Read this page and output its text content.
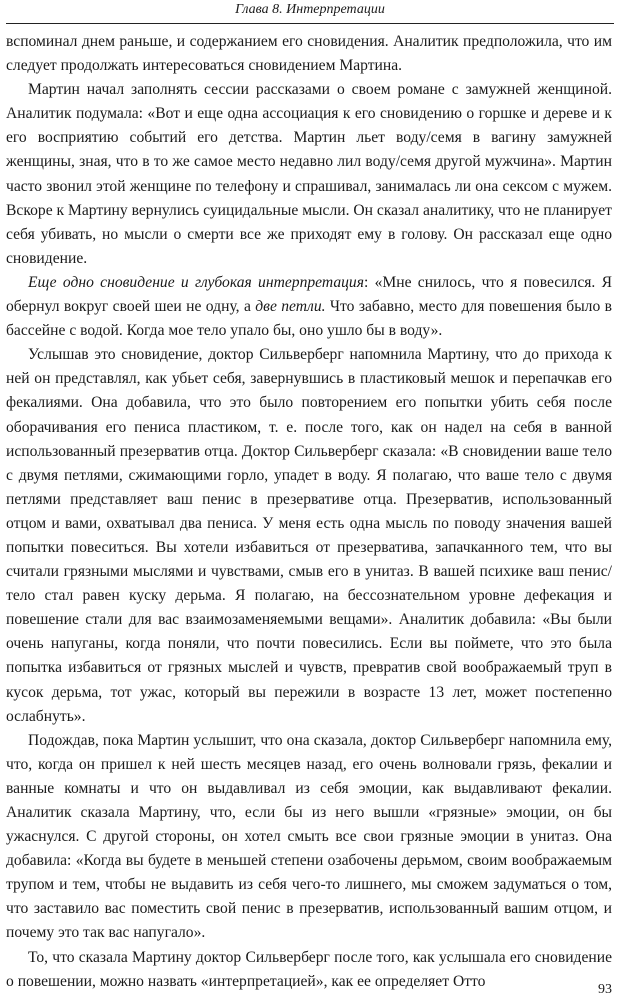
Глава 8. Интерпретации

вспоминал днем раньше, и содержанием его сновидения. Аналитик предположила, что им следует продолжать интересоваться сновидением Мартина.

Мартин начал заполнять сессии рассказами о своем романе с замужней женщиной. Аналитик подумала: «Вот и еще одна ассоциация к его сновидению о горшке и дереве и к его восприятию событий его детства. Мартин льет воду/семя в вагину замужней женщины, зная, что в то же самое место недавно лил воду/семя другой мужчина». Мартин часто звонил этой женщине по телефону и спрашивал, занималась ли она сексом с мужем. Вскоре к Мартину вернулись суицидальные мысли. Он сказал аналитику, что не планирует себя убивать, но мысли о смерти все же приходят ему в голову. Он рассказал еще одно сновидение.

Еще одно сновидение и глубокая интерпретация: «Мне снилось, что я повесился. Я обернул вокруг своей шеи не одну, а две петли. Что забавно, место для повешения было в бассейне с водой. Когда мое тело упало бы, оно ушло бы в воду».

Услышав это сновидение, доктор Сильверберг напомнила Мартину, что до прихода к ней он представлял, как убьет себя, завернувшись в пластиковый мешок и перепачкав его фекалиями. Она добавила, что это было повторением его попытки убить себя после оборачивания его пениса пластиком, т. е. после того, как он надел на себя в ванной использованный презерватив отца. Доктор Сильверберг сказала: «В сновидении ваше тело с двумя петлями, сжимающими горло, упадет в воду. Я полагаю, что ваше тело с двумя петлями представляет ваш пенис в презервативе отца. Презерватив, использованный отцом и вами, охватывал два пениса. У меня есть одна мысль по поводу значения вашей попытки повеситься. Вы хотели избавиться от презерватива, запачканного тем, что вы считали грязными мыслями и чувствами, смыв его в унитаз. В вашей психике ваш пенис/тело стал равен куску дерьма. Я полагаю, на бессознательном уровне дефекация и повешение стали для вас взаимозаменяемыми вещами». Аналитик добавила: «Вы были очень напуганы, когда поняли, что почти повесились. Если вы поймете, что это была попытка избавиться от грязных мыслей и чувств, превратив свой воображаемый труп в кусок дерьма, тот ужас, который вы пережили в возрасте 13 лет, может постепенно ослабнуть».

Подождав, пока Мартин услышит, что она сказала, доктор Сильверберг напомнила ему, что, когда он пришел к ней шесть месяцев назад, его очень волновали грязь, фекалии и ванные комнаты и что он выдавливал из себя эмоции, как выдавливают фекалии. Аналитик сказала Мартину, что, если бы из него вышли «грязные» эмоции, он бы ужаснулся. С другой стороны, он хотел смыть все свои грязные эмоции в унитаз. Она добавила: «Когда вы будете в меньшей степени озабочены дерьмом, своим воображаемым трупом и тем, чтобы не выдавить из себя чего-то лишнего, мы сможем задуматься о том, что заставило вас поместить свой пенис в презерватив, использованный вашим отцом, и почему это так вас напугало».

То, что сказала Мартину доктор Сильверберг после того, как услышала его сновидение о повешении, можно назвать «интерпретацией», как ее определяет Отто	93
